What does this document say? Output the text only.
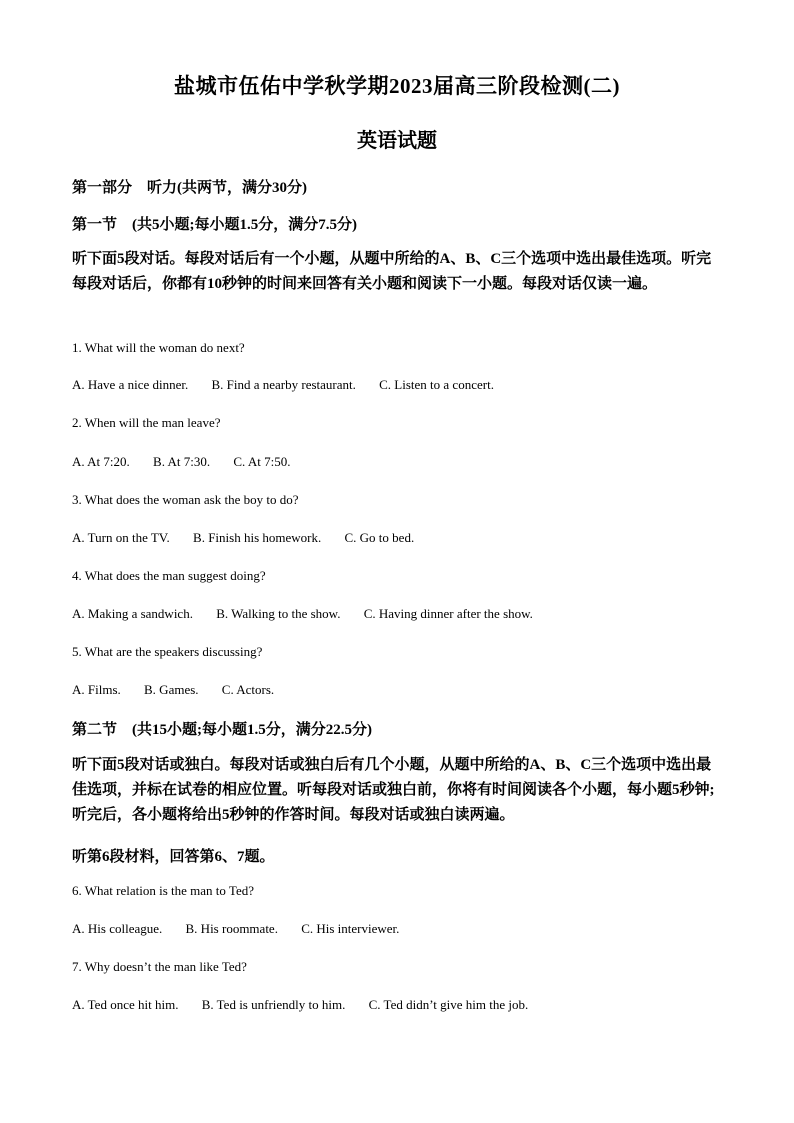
盐城市伍佑中学秋学期2023届高三阶段检测(二)
英语试题
第一部分　听力(共两节，满分30分)
第一节　(共5小题;每小题1.5分，满分7.5分)
听下面5段对话。每段对话后有一个小题，从题中所给的A、B、C三个选项中选出最佳选项。听完每段对话后，你都有10秒钟的时间来回答有关小题和阅读下一小题。每段对话仅读一遍。
1. What will the woman do next?
A. Have a nice dinner. B. Find a nearby restaurant. C. Listen to a concert.
2. When will the man leave?
A. At 7:20. B. At 7:30. C. At 7:50.
3. What does the woman ask the boy to do?
A. Turn on the TV. B. Finish his homework. C. Go to bed.
4. What does the man suggest doing?
A. Making a sandwich. B. Walking to the show. C. Having dinner after the show.
5. What are the speakers discussing?
A. Films. B. Games. C. Actors.
第二节　(共15小题;每小题1.5分，满分22.5分)
听下面5段对话或独白。每段对话或独白后有几个小题，从题中所给的A、B、C三个选项中选出最佳选项，并标在试卷的相应位置。听每段对话或独白前，你将有时间阅读各个小题，每小题5秒钟;听完后，各小题将给出5秒钟的作答时间。每段对话或独白读两遍。
听第6段材料，回答第6、7题。
6. What relation is the man to Ted?
A. His colleague. B. His roommate. C. His interviewer.
7. Why doesn’t the man like Ted?
A. Ted once hit him. B. Ted is unfriendly to him. C. Ted didn’t give him the job.
